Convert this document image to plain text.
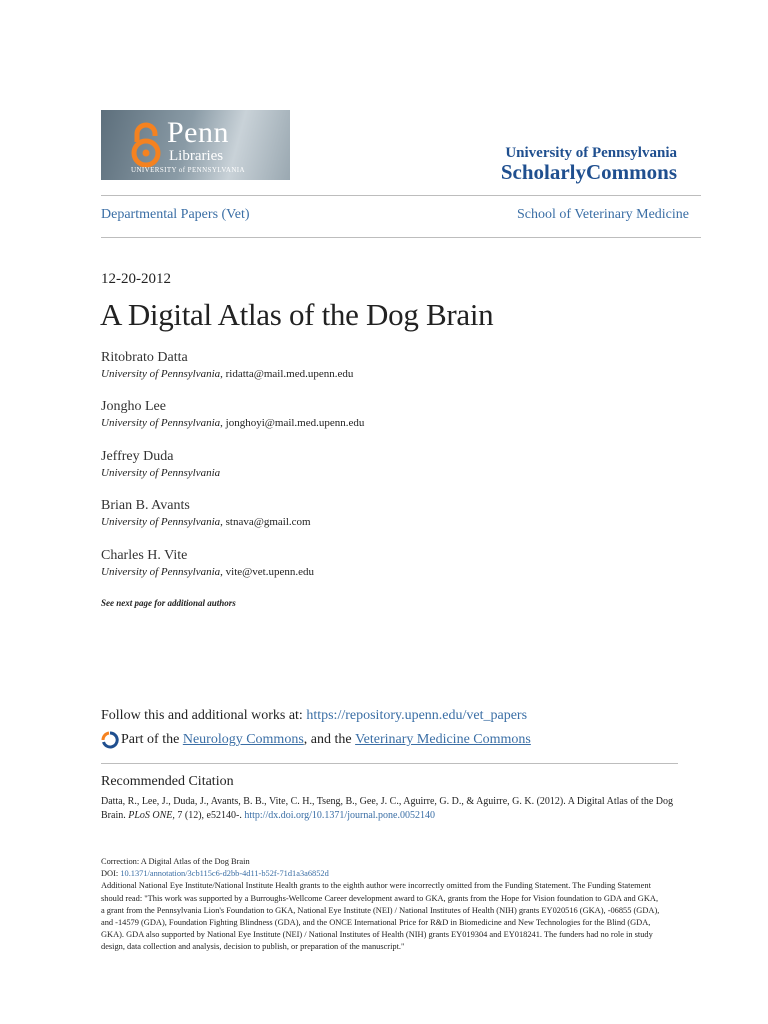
Penn
Libraries
UNIVERSITY of PENNSYLVANIA
University of Pennsylvania
ScholarlyCommons
Departmental Papers (Vet)	School of Veterinary Medicine
12-20-2012
A Digital Atlas of the Dog Brain
Ritobrato Datta
University of Pennsylvania, ridatta@mail.med.upenn.edu
Jongho Lee
University of Pennsylvania, jonghoyi@mail.med.upenn.edu
Jeffrey Duda
University of Pennsylvania
Brian B. Avants
University of Pennsylvania, stnava@gmail.com
Charles H. Vite
University of Pennsylvania, vite@vet.upenn.edu
See next page for additional authors
Follow this and additional works at: https://repository.upenn.edu/vet_papers
Part of the
Neurology Commons , and the
Veterinary Medicine Commons
Recommended Citation
Datta, R., Lee, J., Duda, J., Avants, B. B., Vite, C. H., Tseng, B., Gee, J. C., Aguirre, G. D., & Aguirre, G. K. (2012). A Digital Atlas of the Dog Brain. PLoS ONE, 7 (12), e52140-. http://dx.doi.org/10.1371/journal.pone.0052140
Correction: A Digital Atlas of the Dog Brain
DOI: 10.1371/annotation/3cb115c6-d2bb-4d11-b52f-71d1a3a6852d
Additional National Eye Institute/National Institute Health grants to the eighth author were incorrectly omitted from the Funding Statement. The Funding Statement should read: "This work was supported by a Burroughs-Wellcome Career development award to GKA, grants from the Hope for Vision foundation to GDA and GKA, a grant from the Pennsylvania Lion's Foundation to GKA, National Eye Institute (NEI) / National Institutes of Health (NIH) grants EY020516 (GKA), -06855 (GDA), and -14579 (GDA), Foundation Fighting Blindness (GDA), and the ONCE International Price for R&D in Biomedicine and New Technologies for the Blind (GDA, GKA). GDA also supported by National Eye Institute (NEI) / National Institutes of Health (NIH) grants EY019304 and EY018241. The funders had no role in study design, data collection and analysis, decision to publish, or preparation of the manuscript."
